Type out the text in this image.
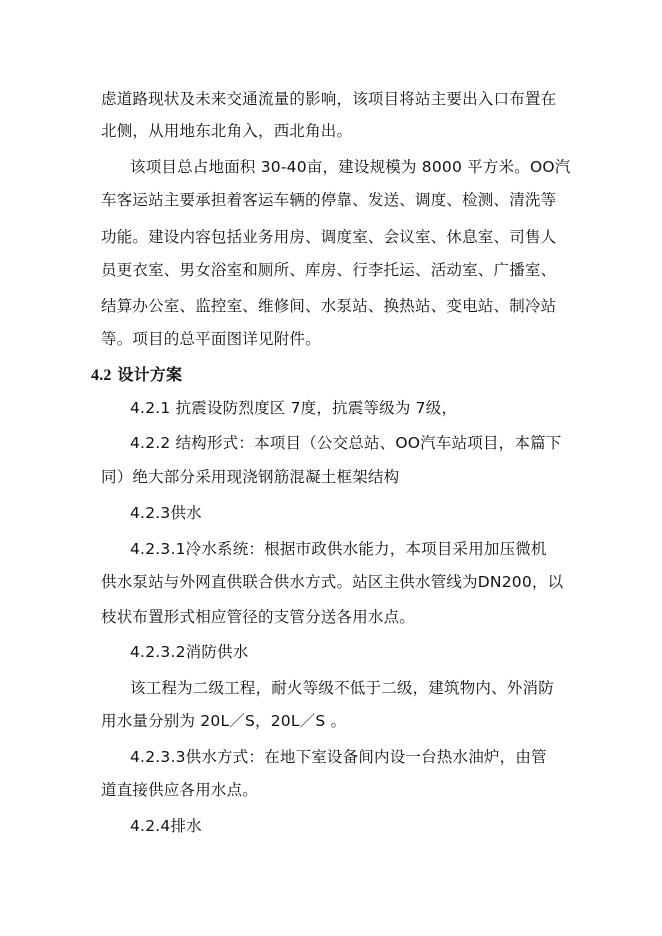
虑道路现状及未来交通流量的影响，该项目将站主要出入口布置在
北侧，从用地东北角入，西北角出。
该项目总占地面积 30-40亩，建设规模为 8000 平方米。OO汽
车客运站主要承担着客运车辆的停靠、发送、调度、检测、清洗等
功能。建设内容包括业务用房、调度室、会议室、休息室、司售人
员更衣室、男女浴室和厕所、库房、行李托运、活动室、广播室、
结算办公室、监控室、维修间、水泵站、换热站、变电站、制冷站
等。项目的总平面图详见附件。
4.2 设计方案
4.2.1 抗震设防烈度区 7度，抗震等级为 7级，
4.2.2 结构形式：本项目（公交总站、OO汽车站项目，本篇下
同）绝大部分采用现浇钢筋混凝土框架结构
4.2.3供水
4.2.3.1冷水系统：根据市政供水能力，本项目采用加压微机
供水泵站与外网直供联合供水方式。站区主供水管线为DN200，以
枝状布置形式相应管径的支管分送各用水点。
4.2.3.2消防供水
该工程为二级工程，耐火等级不低于二级，建筑物内、外消防
用水量分别为 20L／S，20L／S 。
4.2.3.3供水方式：在地下室设备间内设一台热水油炉，由管
道直接供应各用水点。
4.2.4排水
